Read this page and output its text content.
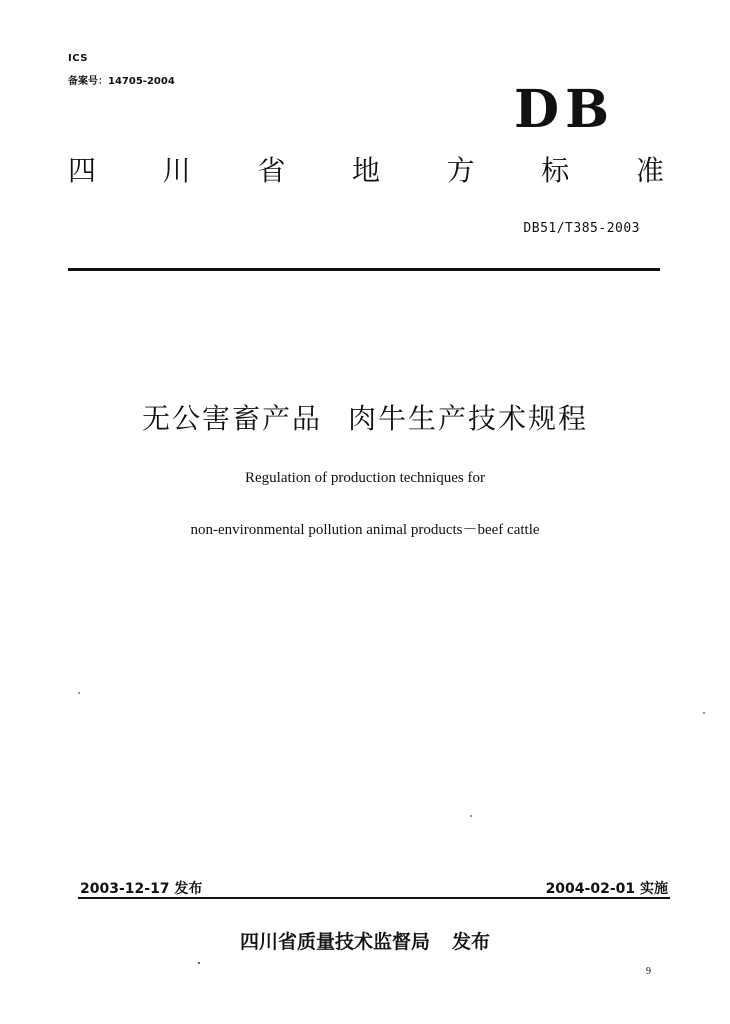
ICS
备案号：14705-2004	DB
四 川 省 地 方 标 准
DB51/T385-2003
无公害畜产品 肉牛生产技术规程
Regulation of production techniques for
non-environmental pollution animal products－beef cattle
2003-12-17 发布	2004-02-01 实施
四川省质量技术监督局 发布
9
